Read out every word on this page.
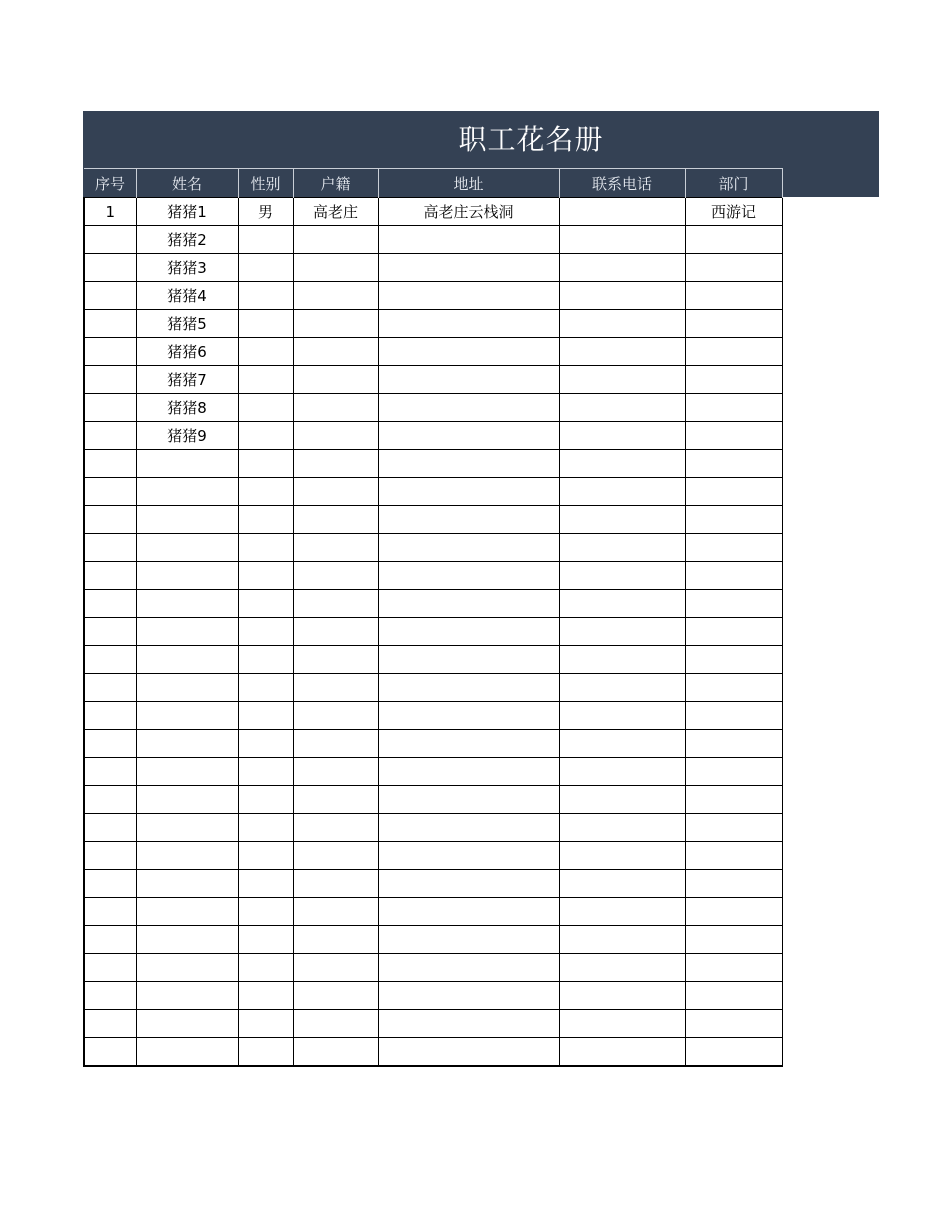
职工花名册
序号	姓名	性别	户籍	地址	联系电话	部门
1	猪猪1	男	高老庄	高老庄云栈洞		西游记
	猪猪2					
	猪猪3					
	猪猪4					
	猪猪5					
	猪猪6					
	猪猪7					
	猪猪8					
	猪猪9					
